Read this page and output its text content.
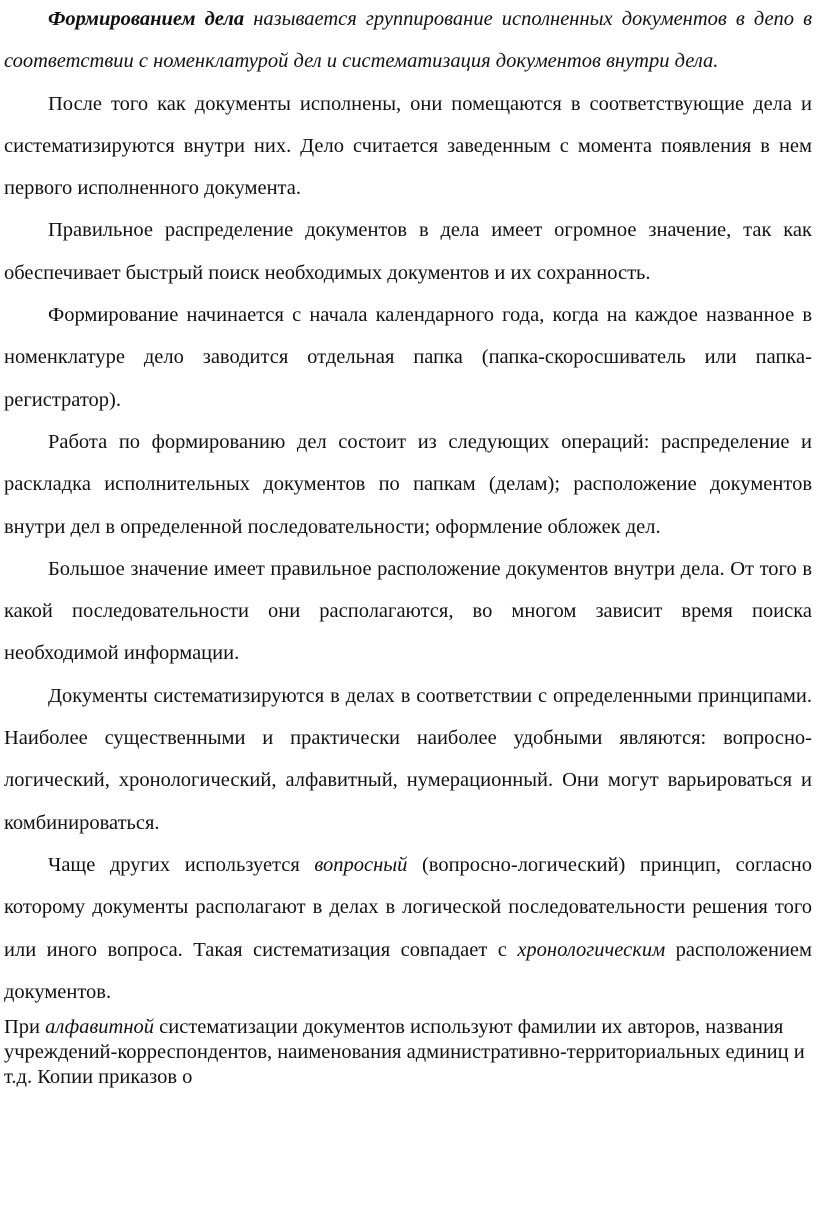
Формированием дела называется группирование исполненных документов в депо в соответствии с номенклатурой дел и систематизация документов внутри дела.

После того как документы исполнены, они помещаются в соответствующие дела и систематизируются внутри них. Дело считается заведенным с момента появления в нем первого исполненного документа.

Правильное распределение документов в дела имеет огромное значение, так как обеспечивает быстрый поиск необходимых документов и их сохранность.

Формирование начинается с начала календарного года, когда на каждое названное в номенклатуре дело заводится отдельная папка (папка-скоросшиватель или папка-регистратор).

Работа по формированию дел состоит из следующих операций: распределение и раскладка исполнительных документов по папкам (делам); расположение документов внутри дел в определенной последовательности; оформление обложек дел.

Большое значение имеет правильное расположение документов внутри дела. От того в какой последовательности они располагаются, во многом зависит время поиска необходимой информации.

Документы систематизируются в делах в соответствии с определенными принципами. Наиболее существенными и практически наиболее удобными являются: вопросно-логический, хронологический, алфавитный, нумерационный. Они могут варьироваться и комбинироваться.

Чаще других используется вопросный (вопросно-логический) принцип, согласно которому документы располагают в делах в логической последовательности решения того или иного вопроса. Такая систематизация совпадает с хронологическим расположением документов.

При алфавитной систематизации документов используют фамилии их авторов, названия учреждений-корреспондентов, наименования административно-территориальных единиц и т.д. Копии приказов о
